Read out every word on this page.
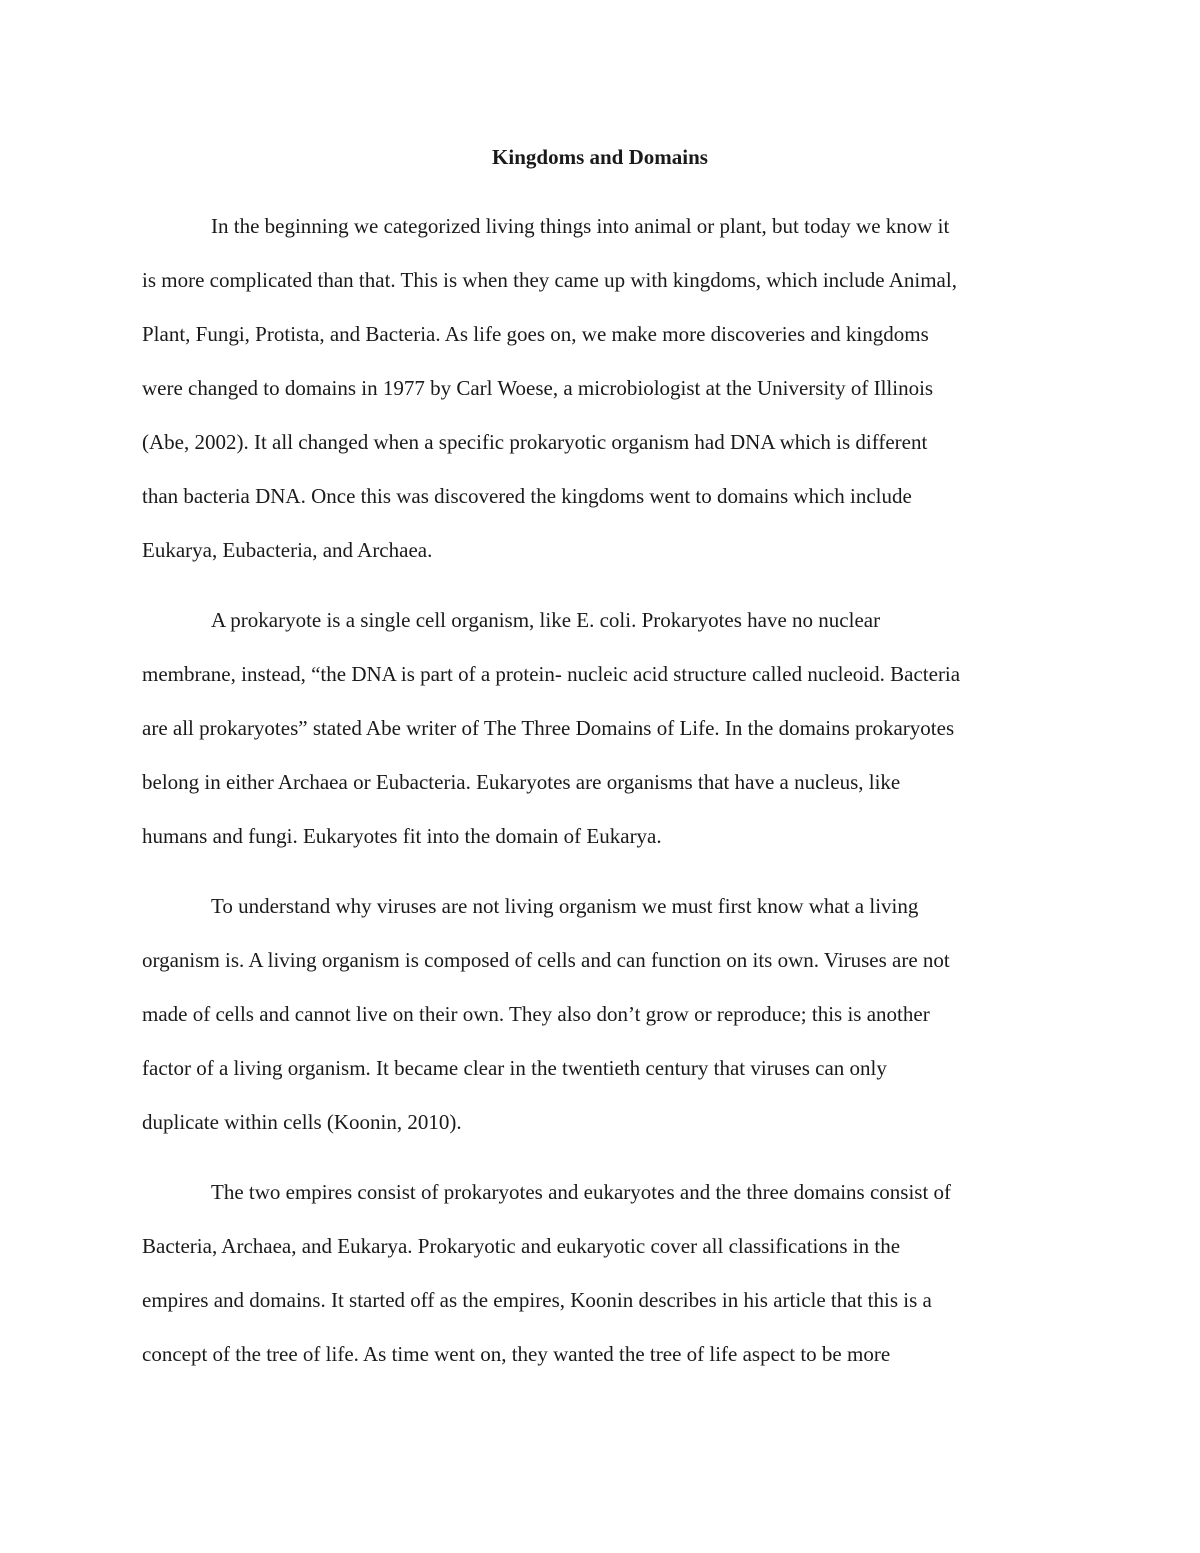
Kingdoms and Domains
In the beginning we categorized living things into animal or plant, but today we know it
is more complicated than that. This is when they came up with kingdoms, which include Animal,
Plant, Fungi, Protista, and Bacteria. As life goes on, we make more discoveries and kingdoms
were changed to domains in 1977 by Carl Woese, a microbiologist at the University of Illinois
(Abe, 2002). It all changed when a specific prokaryotic organism had DNA which is different
than bacteria DNA. Once this was discovered the kingdoms went to domains which include
Eukarya, Eubacteria, and Archaea.
A prokaryote is a single cell organism, like E. coli. Prokaryotes have no nuclear
membrane, instead, “the DNA is part of a protein- nucleic acid structure called nucleoid. Bacteria
are all prokaryotes” stated Abe writer of The Three Domains of Life. In the domains prokaryotes
belong in either Archaea or Eubacteria. Eukaryotes are organisms that have a nucleus, like
humans and fungi. Eukaryotes fit into the domain of Eukarya.
To understand why viruses are not living organism we must first know what a living
organism is. A living organism is composed of cells and can function on its own. Viruses are not
made of cells and cannot live on their own. They also don’t grow or reproduce; this is another
factor of a living organism. It became clear in the twentieth century that viruses can only
duplicate within cells (Koonin, 2010).
The two empires consist of prokaryotes and eukaryotes and the three domains consist of
Bacteria, Archaea, and Eukarya. Prokaryotic and eukaryotic cover all classifications in the
empires and domains. It started off as the empires, Koonin describes in his article that this is a
concept of the tree of life. As time went on, they wanted the tree of life aspect to be more
